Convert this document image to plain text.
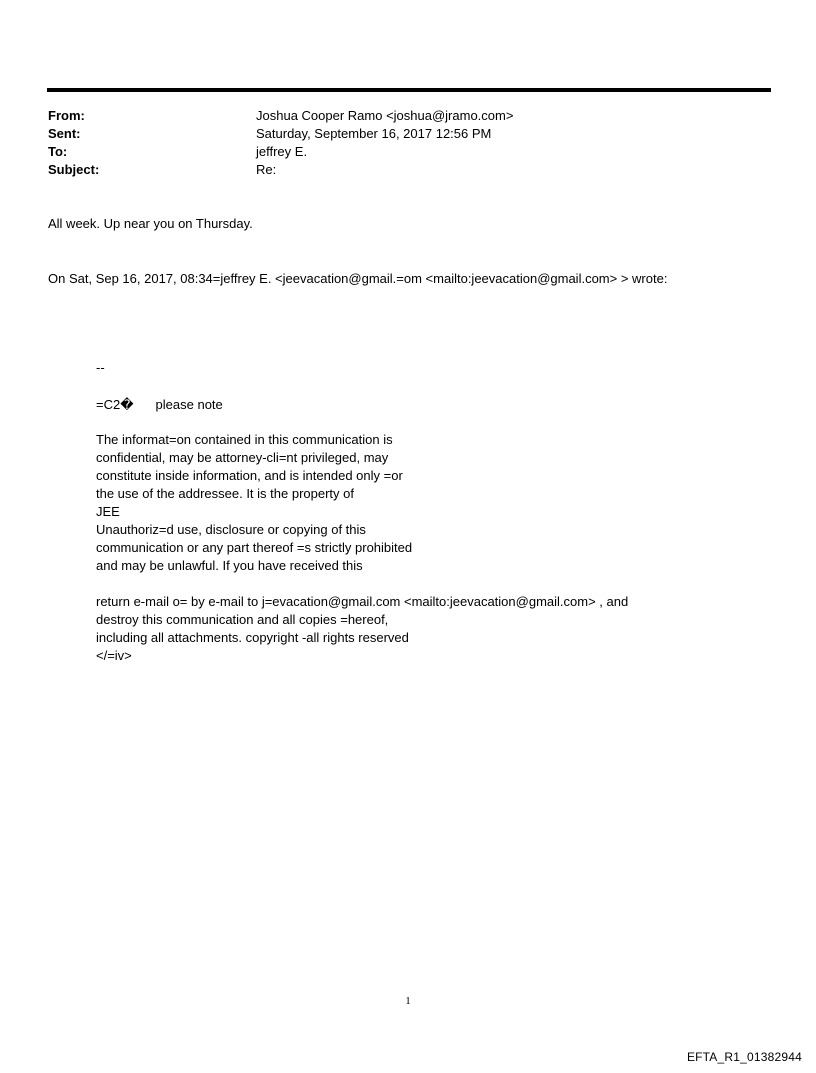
From:	Joshua Cooper Ramo <joshua@jramo.com>
Sent:	Saturday, September 16, 2017 12:56 PM
To:	jeffrey E.
Subject:	Re:
All week. Up near you on Thursday.
On Sat, Sep 16, 2017, 08:34=jeffrey E. <jeevacation@gmail.=om <mailto:jeevacation@gmail.com> > wrote:
--
=C2� please note
The informat=on contained in this communication is
confidential, may be attorney-cli=nt privileged, may
constitute inside information, and is intended only =or
the use of the addressee. It is the property of
JEE
Unauthoriz=d use, disclosure or copying of this
communication or any part thereof =s strictly prohibited
and may be unlawful. If you have received this
return e-mail o= by e-mail to j=evacation@gmail.com <mailto:jeevacation@gmail.com> , and
destroy this communication and all copies =hereof,
including all attachments. copyright -all rights reserved
</=iv>
1
EFTA_R1_01382944
